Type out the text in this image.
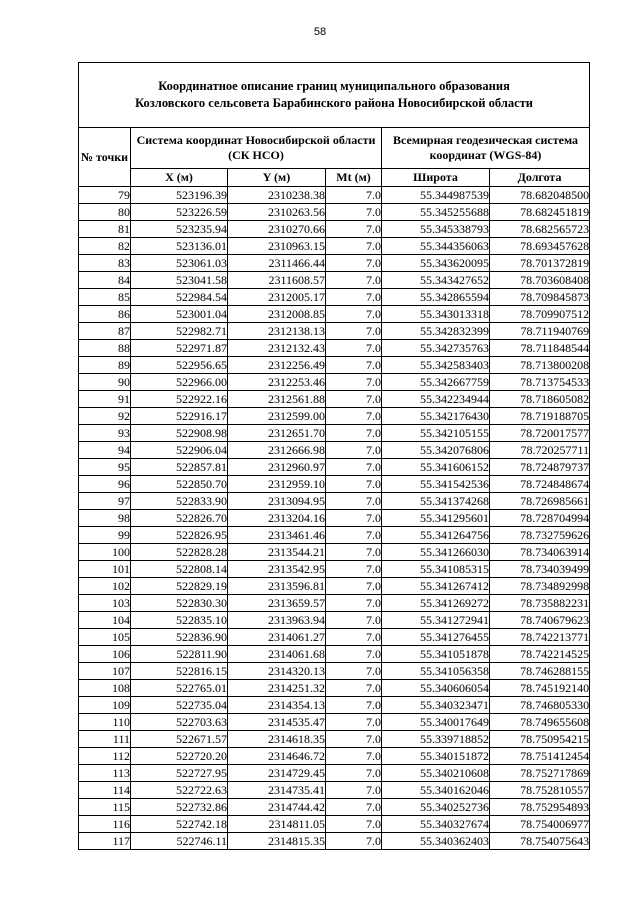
58
Координатное описание границ муниципального образования
Козловского сельсовета Барабинского района Новосибирской области					

№ точки	Система координат Новосибирской области (СК НСО)			Всемирная геодезическая система координат (WGS-84)	
	X (м)	Y (м)	Mt (м)	Широта	Долгота
79	523196.39	2310238.38	7.0	55.344987539	78.682048500
80	523226.59	2310263.56	7.0	55.345255688	78.682451819
81	523235.94	2310270.66	7.0	55.345338793	78.682565723
82	523136.01	2310963.15	7.0	55.344356063	78.693457628
83	523061.03	2311466.44	7.0	55.343620095	78.701372819
84	523041.58	2311608.57	7.0	55.343427652	78.703608408
85	522984.54	2312005.17	7.0	55.342865594	78.709845873
86	523001.04	2312008.85	7.0	55.343013318	78.709907512
87	522982.71	2312138.13	7.0	55.342832399	78.711940769
88	522971.87	2312132.43	7.0	55.342735763	78.711848544
89	522956.65	2312256.49	7.0	55.342583403	78.713800208
90	522966.00	2312253.46	7.0	55.342667759	78.713754533
91	522922.16	2312561.88	7.0	55.342234944	78.718605082
92	522916.17	2312599.00	7.0	55.342176430	78.719188705
93	522908.98	2312651.70	7.0	55.342105155	78.720017577
94	522906.04	2312666.98	7.0	55.342076806	78.720257711
95	522857.81	2312960.97	7.0	55.341606152	78.724879737
96	522850.70	2312959.10	7.0	55.341542536	78.724848674
97	522833.90	2313094.95	7.0	55.341374268	78.726985661
98	522826.70	2313204.16	7.0	55.341295601	78.728704994
99	522826.95	2313461.46	7.0	55.341264756	78.732759626
100	522828.28	2313544.21	7.0	55.341266030	78.734063914
101	522808.14	2313542.95	7.0	55.341085315	78.734039499
102	522829.19	2313596.81	7.0	55.341267412	78.734892998
103	522830.30	2313659.57	7.0	55.341269272	78.735882231
104	522835.10	2313963.94	7.0	55.341272941	78.740679623
105	522836.90	2314061.27	7.0	55.341276455	78.742213771
106	522811.90	2314061.68	7.0	55.341051878	78.742214525
107	522816.15	2314320.13	7.0	55.341056358	78.746288155
108	522765.01	2314251.32	7.0	55.340606054	78.745192140
109	522735.04	2314354.13	7.0	55.340323471	78.746805330
110	522703.63	2314535.47	7.0	55.340017649	78.749655608
111	522671.57	2314618.35	7.0	55.339718852	78.750954215
112	522720.20	2314646.72	7.0	55.340151872	78.751412454
113	522727.95	2314729.45	7.0	55.340210608	78.752717869
114	522722.63	2314735.41	7.0	55.340162046	78.752810557
115	522732.86	2314744.42	7.0	55.340252736	78.752954893
116	522742.18	2314811.05	7.0	55.340327674	78.754006977
117	522746.11	2314815.35	7.0	55.340362403	78.754075643
